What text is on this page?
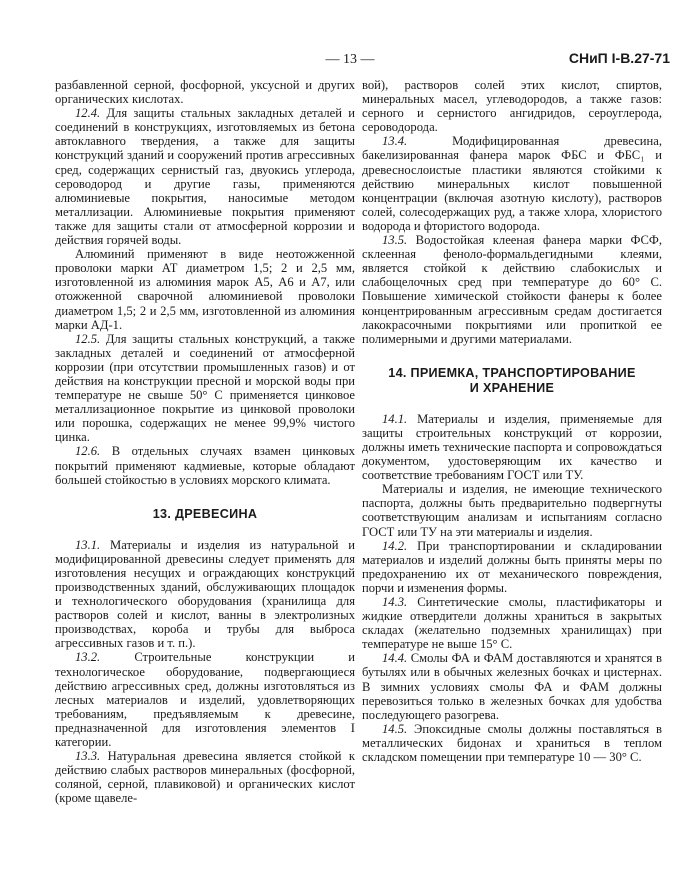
— 13 —	СНиП I-В.27-71

разбавленной серной, фосфорной, уксусной и других органических кислотах.

12.4. Для защиты стальных закладных деталей и соединений в конструкциях, изготовляемых из бетона автоклавного твердения, а также для защиты конструкций зданий и сооружений против агрессивных сред, содержащих сернистый газ, двуокись углерода, сероводород и другие газы, применяются алюминиевые покрытия, наносимые методом металлизации. Алюминиевые покрытия применяют также для защиты стали от атмосферной коррозии и действия горячей воды.

Алюминий применяют в виде неотожженной проволоки марки АТ диаметром 1,5; 2 и 2,5 мм, изготовленной из алюминия марок А5, А6 и А7, или отожженной сварочной алюминиевой проволоки диаметром 1,5; 2 и 2,5 мм, изготовленной из алюминия марки АД-1.

12.5. Для защиты стальных конструкций, а также закладных деталей и соединений от атмосферной коррозии (при отсутствии промышленных газов) и от действия на конструкции пресной и морской воды при температуре не свыше 50° С применяется цинковое металлизационное покрытие из цинковой проволоки или порошка, содержащих не менее 99,9% чистого цинка.

12.6. В отдельных случаях взамен цинковых покрытий применяют кадмиевые, которые обладают большей стойкостью в условиях морского климата.

13. ДРЕВЕСИНА

13.1. Материалы и изделия из натуральной и модифицированной древесины следует применять для изготовления несущих и ограждающих конструкций производственных зданий, обслуживающих площадок и технологического оборудования (хранилища для растворов солей и кислот, ванны в электролизных производствах, короба и трубы для выброса агрессивных газов и т. п.).

13.2. Строительные конструкции и технологическое оборудование, подвергающиеся действию агрессивных сред, должны изготовляться из лесных материалов и изделий, удовлетворяющих требованиям, предъявляемым к древесине, предназначенной для изготовления элементов I категории.

13.3. Натуральная древесина является стойкой к действию слабых растворов минеральных (фосфорной, соляной, серной, плавиковой) и органических кислот (кроме щавеле-

вой), растворов солей этих кислот, спиртов, минеральных масел, углеводородов, а также газов: серного и сернистого ангидридов, сероуглерода, сероводорода.

13.4. Модифицированная древесина, бакелизированная фанера марок ФБС и ФБС₁ и древеснослоистые пластики являются стойкими к действию минеральных кислот повышенной концентрации (включая азотную кислоту), растворов солей, солесодержащих руд, а также хлора, хлористого водорода и фтористого водорода.

13.5. Водостойкая клееная фанера марки ФСФ, склеенная феноло-формальдегидными клеями, является стойкой к действию слабокислых и слабощелочных сред при температуре до 60° С. Повышение химической стойкости фанеры к более концентрированным агрессивным средам достигается лакокрасочными покрытиями или пропиткой ее полимерными и другими материалами.

14. ПРИЕМКА, ТРАНСПОРТИРОВАНИЕ
И ХРАНЕНИЕ

14.1. Материалы и изделия, применяемые для защиты строительных конструкций от коррозии, должны иметь технические паспорта и сопровождаться документом, удостоверяющим их качество и соответствие требованиям ГОСТ или ТУ.

Материалы и изделия, не имеющие технического паспорта, должны быть предварительно подвергнуты соответствующим анализам и испытаниям согласно ГОСТ или ТУ на эти материалы и изделия.

14.2. При транспортировании и складировании материалов и изделий должны быть приняты меры по предохранению их от механического повреждения, порчи и изменения формы.

14.3. Синтетические смолы, пластификаторы и жидкие отвердители должны храниться в закрытых складах (желательно подземных хранилищах) при температуре не выше 15° С.

14.4. Смолы ФА и ФАМ доставляются и хранятся в бутылях или в обычных железных бочках и цистернах. В зимних условиях смолы ФА и ФАМ должны перевозиться только в железных бочках для удобства последующего разогрева.

14.5. Эпоксидные смолы должны поставляться в металлических бидонах и храниться в теплом складском помещении при температуре 10 — 30° С.
